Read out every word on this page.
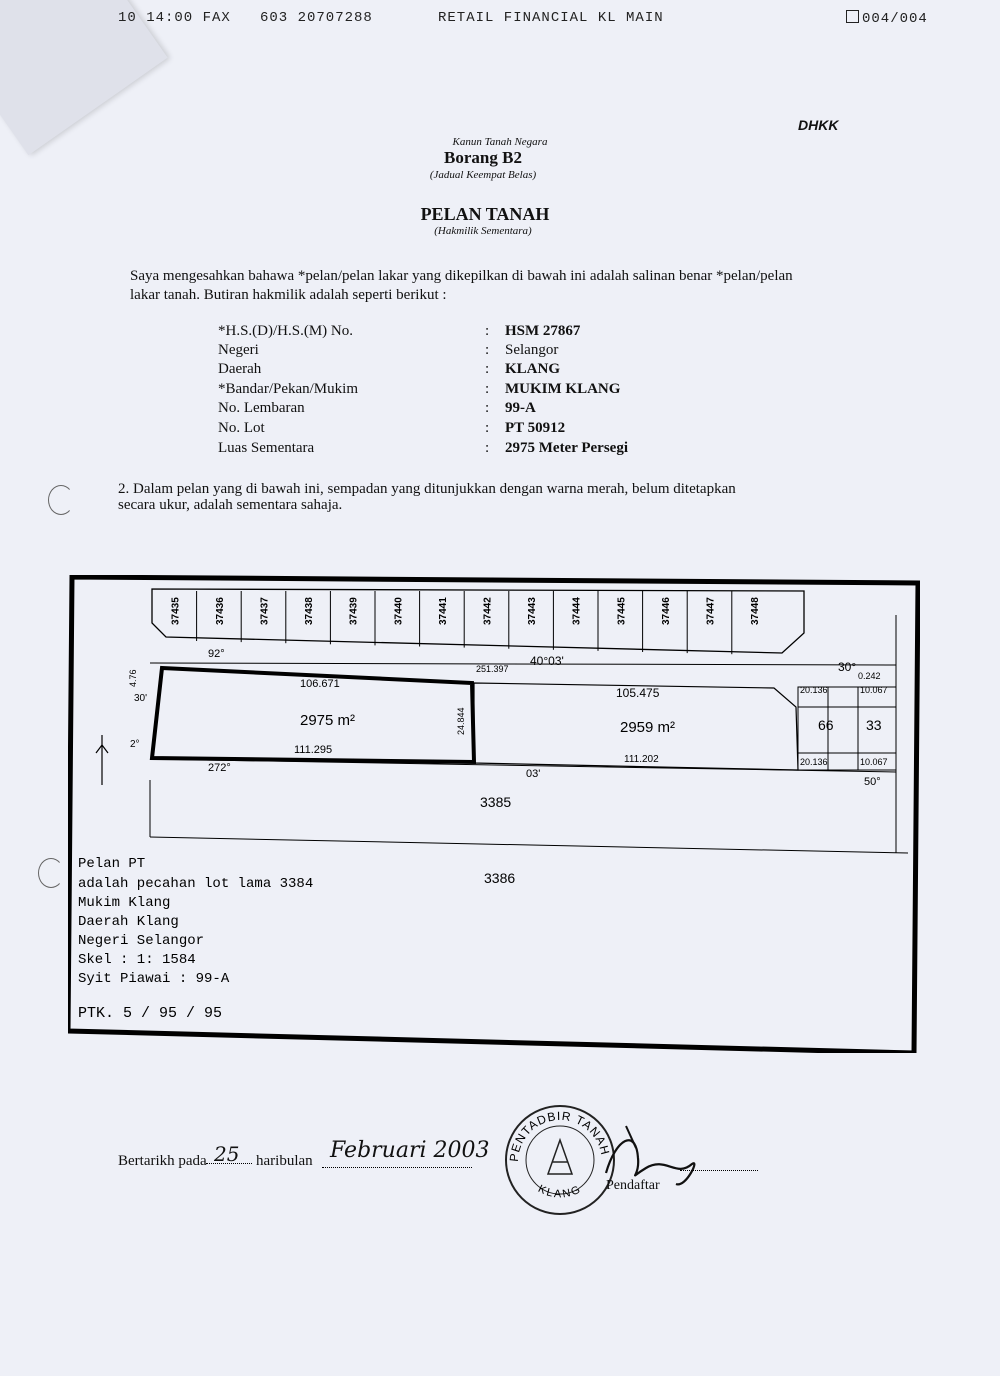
10 14:00 FAX 603 20707288	RETAIL FINANCIAL KL MAIN	004/004
DHKK
Kanun Tanah Negara
Borang B2
(Jadual Keempat Belas)
PELAN TANAH
(Hakmilik Sementara)
Saya mengesahkan bahawa *pelan/pelan lakar yang dikepilkan di bawah ini adalah salinan benar *pelan/pelan
lakar tanah. Butiran hakmilik adalah seperti berikut :
*H.S.(D)/H.S.(M) No.	: HSM 27867
Negeri	: Selangor
Daerah	: KLANG
*Bandar/Pekan/Mukim	: MUKIM KLANG
No. Lembaran	: 99-A
No. Lot	: PT 50912
Luas Sementara	: 2975 Meter Persegi
2. Dalam pelan yang di bawah ini, sempadan yang ditunjukkan dengan warna merah, belum ditetapkan
secara ukur, adalah sementara sahaja.
37435	37436	37437	37438	37439	37440	37441	37442	37443	37444	37445	37446	37447	37448
92°
272°
40°03'
03'
30°
50°
2°
30'
251.397
106.671
105.475
111.295
111.202
24.844
20.136
20.136
10.067
10.067
0.242
4.76
2975 m²	2959 m²	66 33
3385
3386
Pelan PT
adalah pecahan lot lama 3384
Mukim Klang
Daerah Klang
Negeri Selangor
Skel : 1: 1584
Syit Piawai : 99-A
PTK. 5 / 95 / 95
Bertarikh pada 25 haribulan Februari 2003 PENTADBIR TANAH
KLANG Pendaftar
